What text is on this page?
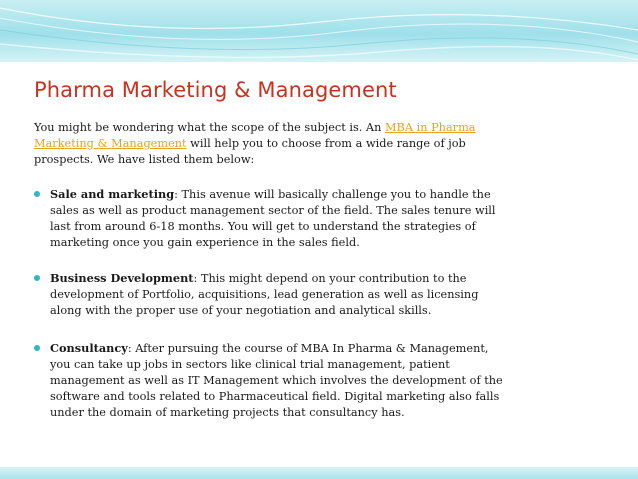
Pharma Marketing & Management
You might be wondering what the scope of the subject is. An MBA in Pharma
Marketing & Management will help you to choose from a wide range of job
prospects. We have listed them below:
Sale and marketing: This avenue will basically challenge you to handle the
sales as well as product management sector of the field. The sales tenure will
last from around 6-18 months. You will get to understand the strategies of
marketing once you gain experience in the sales field.
Business Development: This might depend on your contribution to the
development of Portfolio, acquisitions, lead generation as well as licensing
along with the proper use of your negotiation and analytical skills.
Consultancy: After pursuing the course of MBA In Pharma & Management,
you can take up jobs in sectors like clinical trial management, patient
management as well as IT Management which involves the development of the
software and tools related to Pharmaceutical field. Digital marketing also falls
under the domain of marketing projects that consultancy has.
